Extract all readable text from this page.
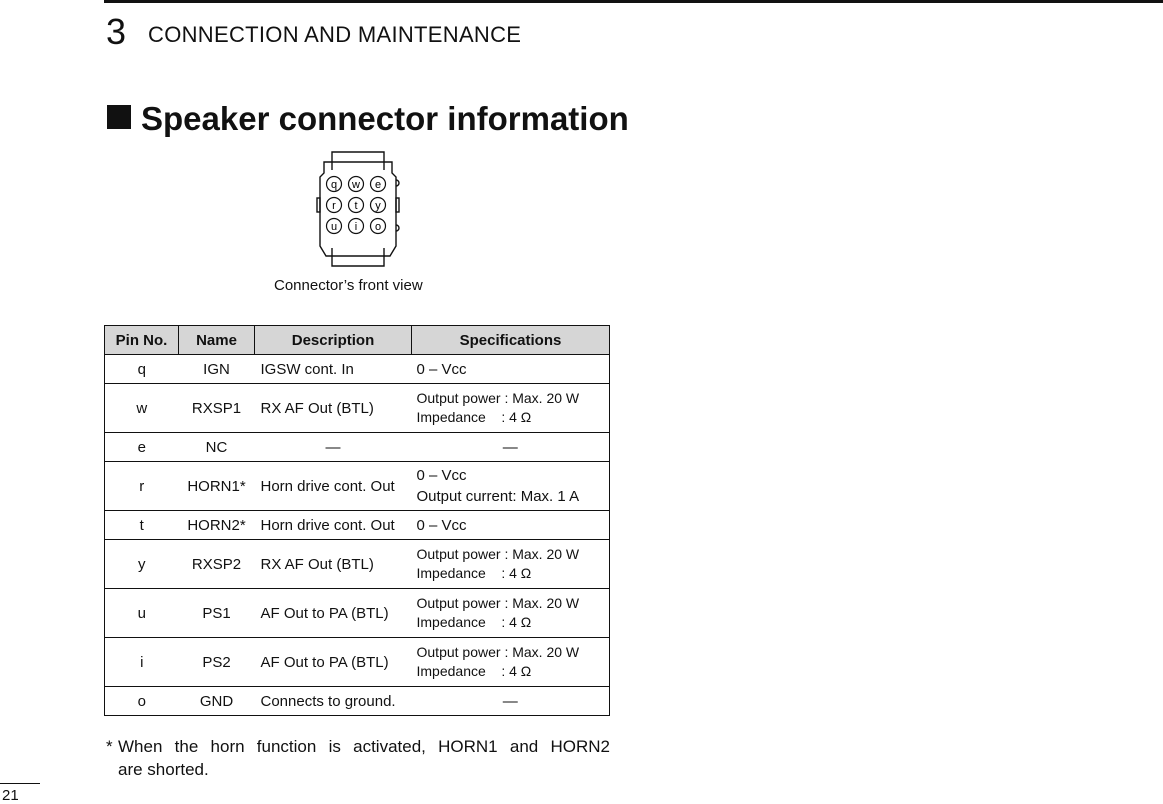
3 CONNECTION AND MAINTENANCE
Speaker connector information
q w e
r t y
u i o
Connector’s front view
Pin No.	Name	Description	Specifications
q	IGN	IGSW cont. In	0 – Vcc

w	RXSP1	RX AF Out (BTL)	Output power : Max. 20 W
Impedance    : 4 Ω

e	NC	—	—

r	HORN1*	Horn drive cont. Out	0 – Vcc
Output current: Max. 1 A

t	HORN2*	Horn drive cont. Out	0 – Vcc

y	RXSP2	RX AF Out (BTL)	Output power : Max. 20 W
Impedance    : 4 Ω

u	PS1	AF Out to PA (BTL)	Output power : Max. 20 W
Impedance    : 4 Ω

i	PS2	AF Out to PA (BTL)	Output power : Max. 20 W
Impedance    : 4 Ω

o	GND	Connects to ground.	—
* When the horn function is activated, HORN1 and HORN2
are shorted.
21
